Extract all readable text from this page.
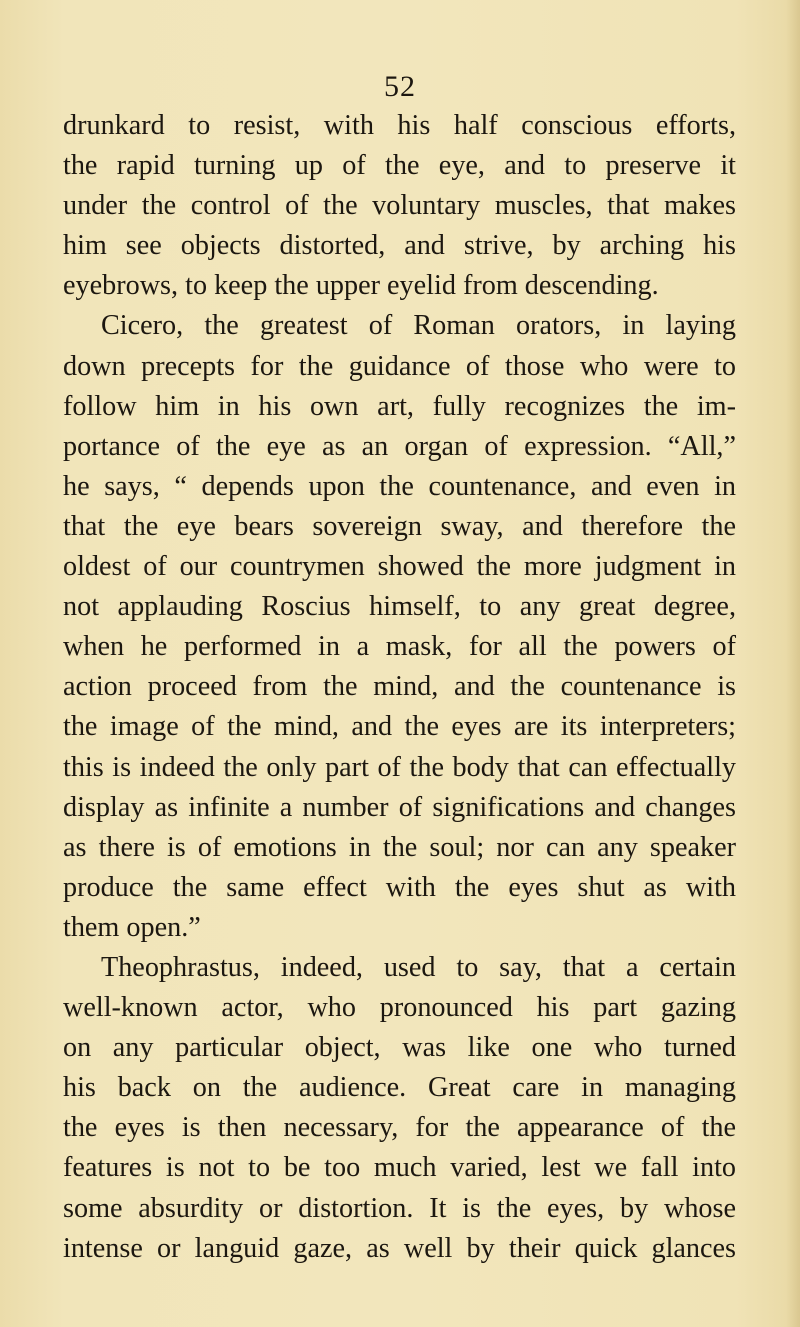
52
drunkard to resist, with his half conscious efforts,
the rapid turning up of the eye, and to preserve it
under the control of the voluntary muscles, that makes
him see objects distorted, and strive, by arching his
eyebrows, to keep the upper eyelid from descending.
Cicero, the greatest of Roman orators, in laying
down precepts for the guidance of those who were to
follow him in his own art, fully recognizes the im-
portance of the eye as an organ of expression. “All,”
he says, “ depends upon the countenance, and even in
that the eye bears sovereign sway, and therefore the
oldest of our countrymen showed the more judgment in
not applauding Roscius himself, to any great degree,
when he performed in a mask, for all the powers of
action proceed from the mind, and the countenance is
the image of the mind, and the eyes are its interpreters;
this is indeed the only part of the body that can effectually
display as infinite a number of significations and changes
as there is of emotions in the soul; nor can any speaker
produce the same effect with the eyes shut as with
them open.”
Theophrastus, indeed, used to say, that a certain
well-known actor, who pronounced his part gazing
on any particular object, was like one who turned
his back on the audience. Great care in managing
the eyes is then necessary, for the appearance of the
features is not to be too much varied, lest we fall into
some absurdity or distortion. It is the eyes, by whose
intense or languid gaze, as well by their quick glances
